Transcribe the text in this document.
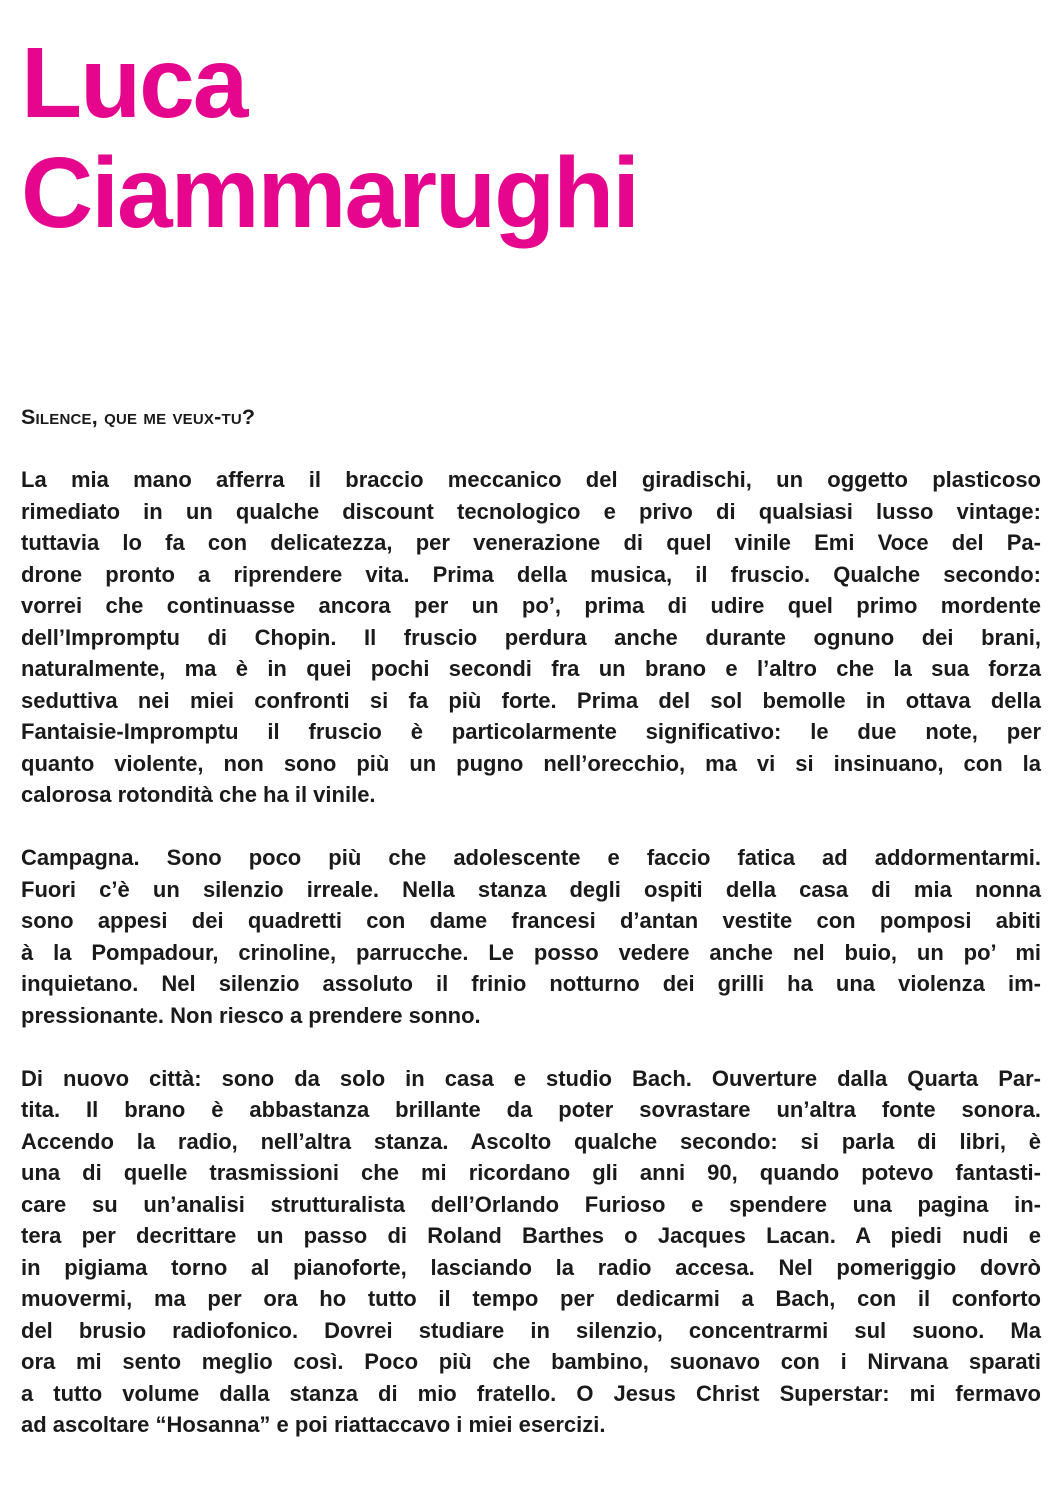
Luca
Ciammarughi
Silence, que me veux-tu?

La mia mano afferra il braccio meccanico del giradischi, un oggetto plasticoso
rimediato in un qualche discount tecnologico e privo di qualsiasi lusso vintage:
tuttavia lo fa con delicatezza, per venerazione di quel vinile Emi Voce del Pa-
drone pronto a riprendere vita. Prima della musica, il fruscio. Qualche secondo:
vorrei che continuasse ancora per un po’, prima di udire quel primo mordente
dell’Impromptu di Chopin. Il fruscio perdura anche durante ognuno dei brani,
naturalmente, ma è in quei pochi secondi fra un brano e l’altro che la sua forza
seduttiva nei miei confronti si fa più forte. Prima del sol bemolle in ottava della
Fantaisie-Impromptu il fruscio è particolarmente significativo: le due note, per
quanto violente, non sono più un pugno nell’orecchio, ma vi si insinuano, con la
calorosa rotondità che ha il vinile.

Campagna. Sono poco più che adolescente e faccio fatica ad addormentarmi.
Fuori c’è un silenzio irreale. Nella stanza degli ospiti della casa di mia nonna
sono appesi dei quadretti con dame francesi d’antan vestite con pomposi abiti
à la Pompadour, crinoline, parrucche. Le posso vedere anche nel buio, un po’ mi
inquietano. Nel silenzio assoluto il frinio notturno dei grilli ha una violenza im-
pressionante. Non riesco a prendere sonno.

Di nuovo città: sono da solo in casa e studio Bach. Ouverture dalla Quarta Par-
tita. Il brano è abbastanza brillante da poter sovrastare un’altra fonte sonora.
Accendo la radio, nell’altra stanza. Ascolto qualche secondo: si parla di libri, è
una di quelle trasmissioni che mi ricordano gli anni 90, quando potevo fantasti-
care su un’analisi strutturalista dell’Orlando Furioso e spendere una pagina in-
tera per decrittare un passo di Roland Barthes o Jacques Lacan. A piedi nudi e
in pigiama torno al pianoforte, lasciando la radio accesa. Nel pomeriggio dovrò
muovermi, ma per ora ho tutto il tempo per dedicarmi a Bach, con il conforto
del brusio radiofonico. Dovrei studiare in silenzio, concentrarmi sul suono. Ma
ora mi sento meglio così. Poco più che bambino, suonavo con i Nirvana sparati
a tutto volume dalla stanza di mio fratello. O Jesus Christ Superstar: mi fermavo
ad ascoltare “Hosanna” e poi riattaccavo i miei esercizi.
